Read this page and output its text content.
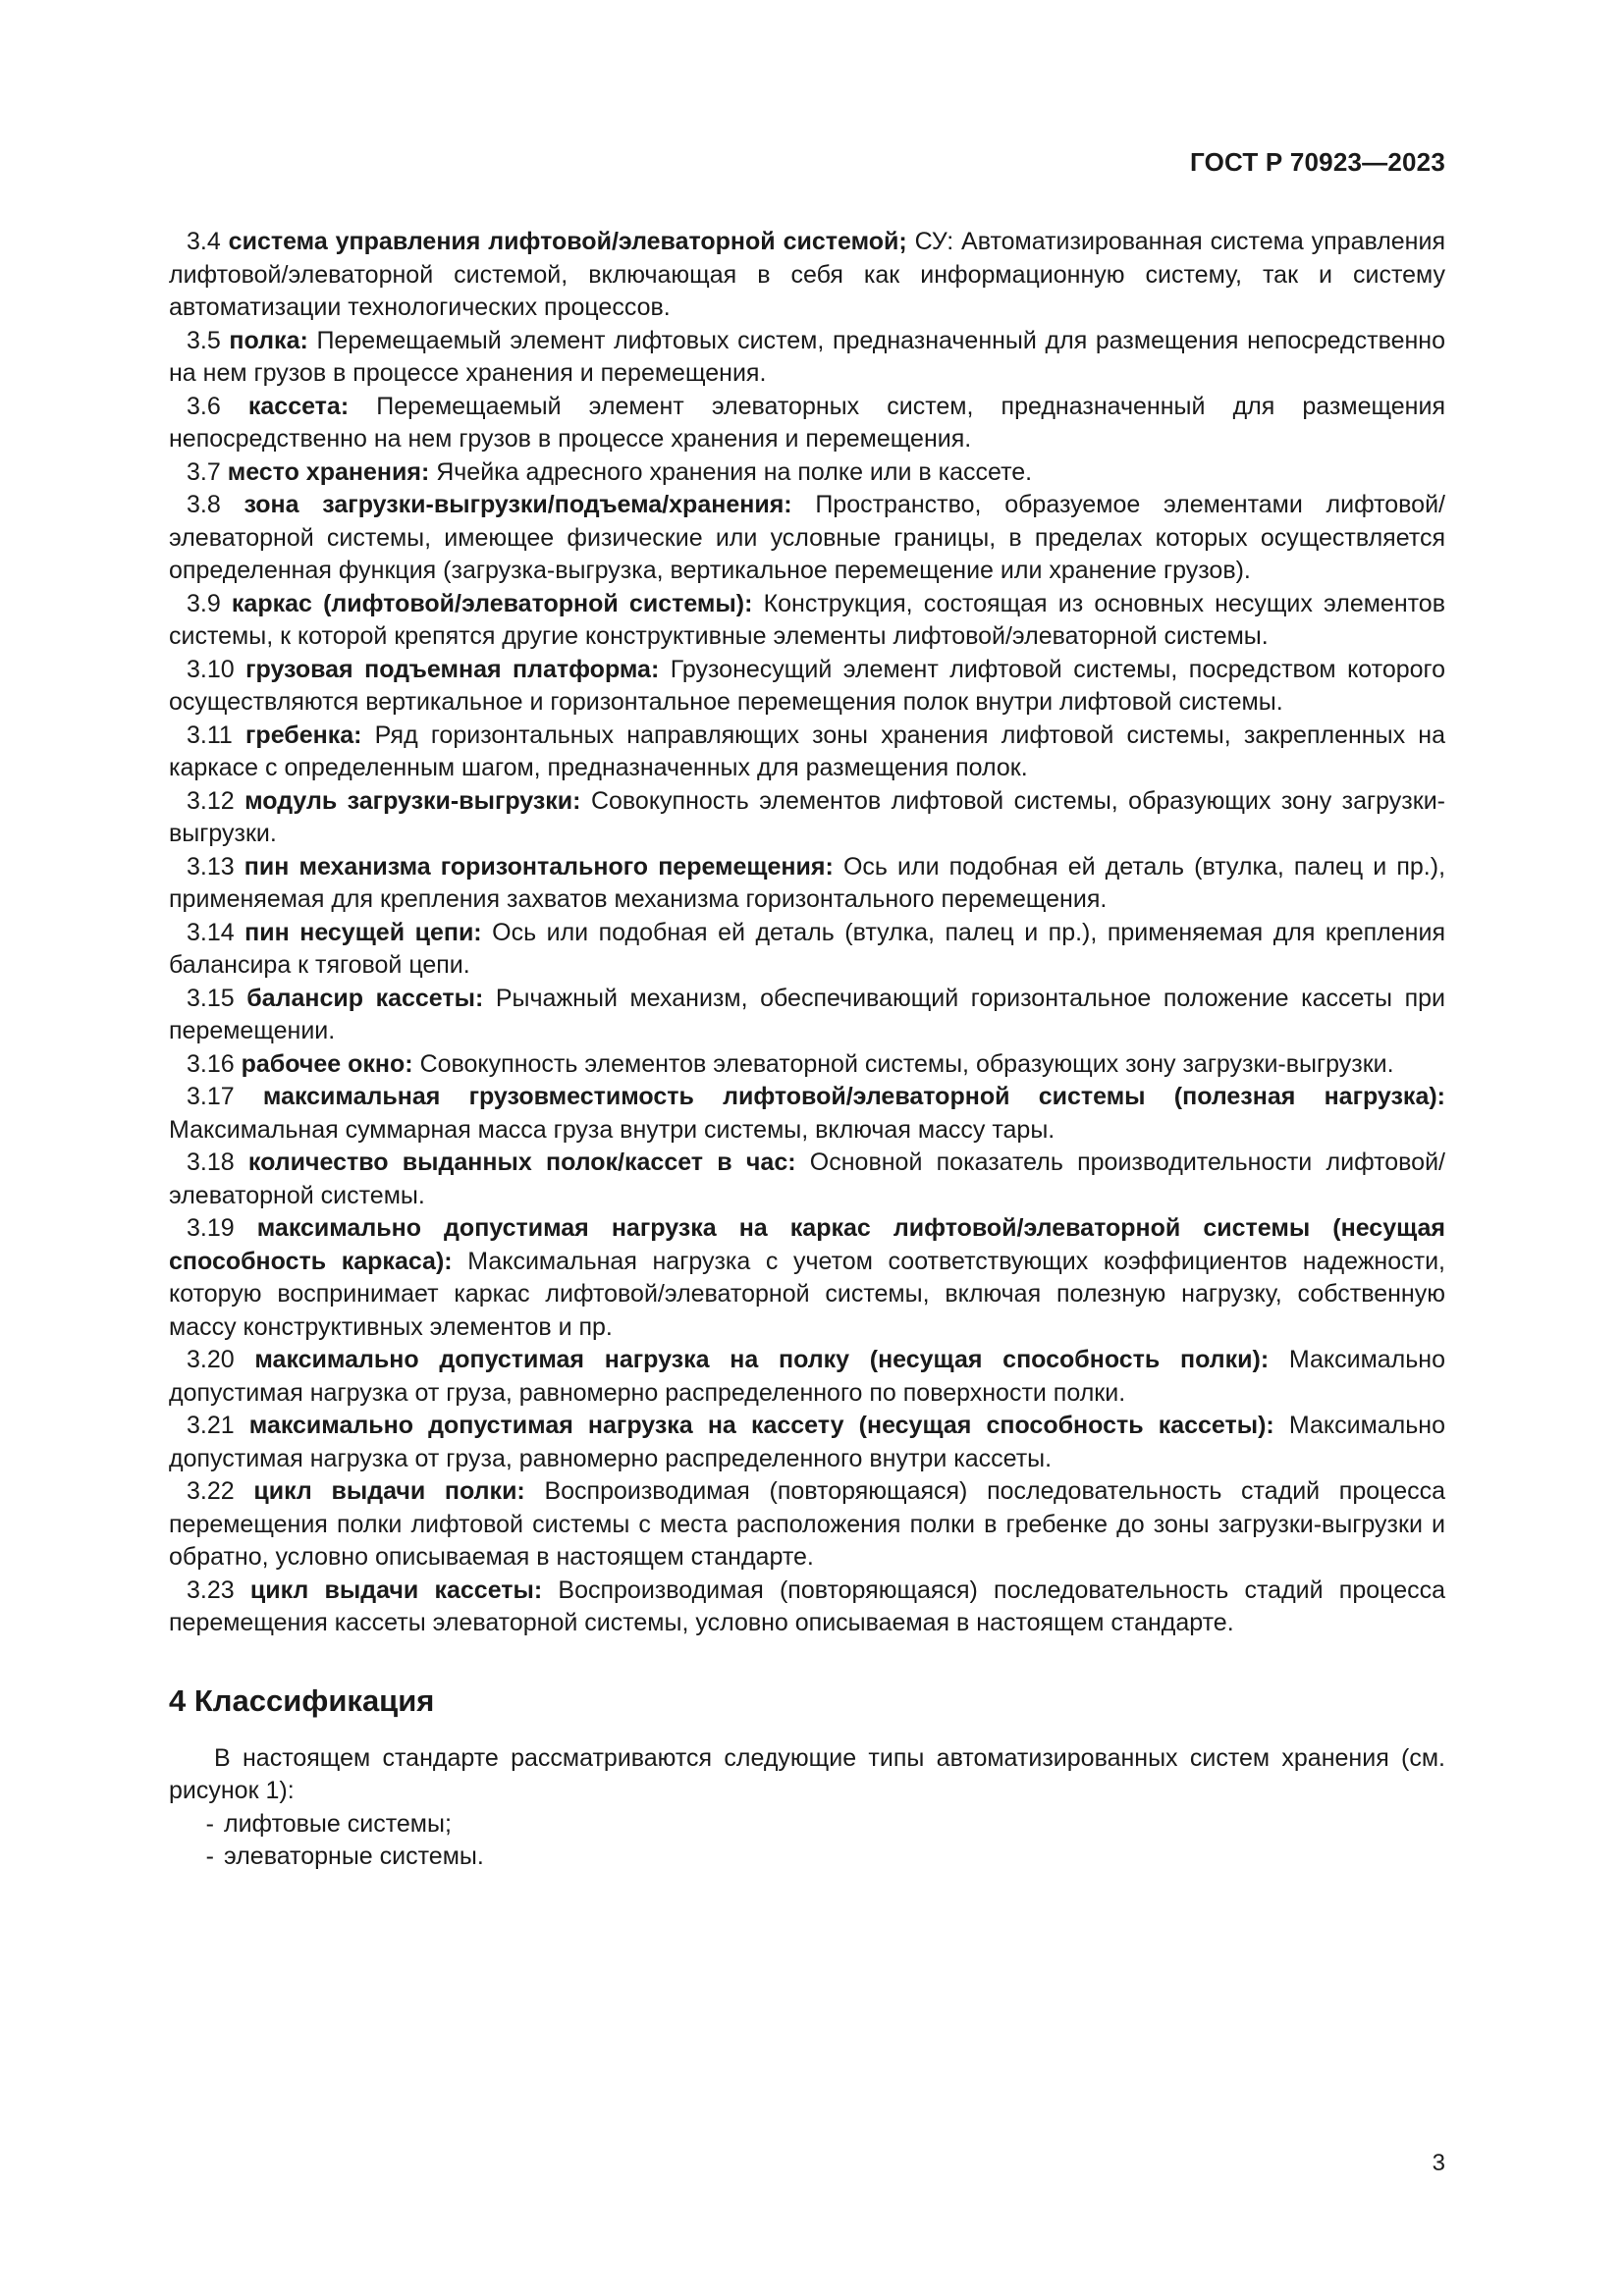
ГОСТ Р 70923—2023

3.4 система управления лифтовой/элеваторной системой; СУ: Автоматизированная система управления лифтовой/элеваторной системой, включающая в себя как информационную систему, так и систему автоматизации технологических процессов.

3.5 полка: Перемещаемый элемент лифтовых систем, предназначенный для размещения непосредственно на нем грузов в процессе хранения и перемещения.

3.6 кассета: Перемещаемый элемент элеваторных систем, предназначенный для размещения непосредственно на нем грузов в процессе хранения и перемещения.

3.7 место хранения: Ячейка адресного хранения на полке или в кассете.

3.8 зона загрузки-выгрузки/подъема/хранения: Пространство, образуемое элементами лифтовой/элеваторной системы, имеющее физические или условные границы, в пределах которых осуществляется определенная функция (загрузка-выгрузка, вертикальное перемещение или хранение грузов).

3.9 каркас (лифтовой/элеваторной системы): Конструкция, состоящая из основных несущих элементов системы, к которой крепятся другие конструктивные элементы лифтовой/элеваторной системы.

3.10 грузовая подъемная платформа: Грузонесущий элемент лифтовой системы, посредством которого осуществляются вертикальное и горизонтальное перемещения полок внутри лифтовой системы.

3.11 гребенка: Ряд горизонтальных направляющих зоны хранения лифтовой системы, закрепленных на каркасе с определенным шагом, предназначенных для размещения полок.

3.12 модуль загрузки-выгрузки: Совокупность элементов лифтовой системы, образующих зону загрузки-выгрузки.

3.13 пин механизма горизонтального перемещения: Ось или подобная ей деталь (втулка, палец и пр.), применяемая для крепления захватов механизма горизонтального перемещения.

3.14 пин несущей цепи: Ось или подобная ей деталь (втулка, палец и пр.), применяемая для крепления балансира к тяговой цепи.

3.15 балансир кассеты: Рычажный механизм, обеспечивающий горизонтальное положение кассеты при перемещении.

3.16 рабочее окно: Совокупность элементов элеваторной системы, образующих зону загрузки-выгрузки.

3.17 максимальная грузовместимость лифтовой/элеваторной системы (полезная нагрузка): Максимальная суммарная масса груза внутри системы, включая массу тары.

3.18 количество выданных полок/кассет в час: Основной показатель производительности лифтовой/элеваторной системы.

3.19 максимально допустимая нагрузка на каркас лифтовой/элеваторной системы (несущая способность каркаса): Максимальная нагрузка с учетом соответствующих коэффициентов надежности, которую воспринимает каркас лифтовой/элеваторной системы, включая полезную нагрузку, собственную массу конструктивных элементов и пр.

3.20 максимально допустимая нагрузка на полку (несущая способность полки): Максимально допустимая нагрузка от груза, равномерно распределенного по поверхности полки.

3.21 максимально допустимая нагрузка на кассету (несущая способность кассеты): Максимально допустимая нагрузка от груза, равномерно распределенного внутри кассеты.

3.22 цикл выдачи полки: Воспроизводимая (повторяющаяся) последовательность стадий процесса перемещения полки лифтовой системы с места расположения полки в гребенке до зоны загрузки-выгрузки и обратно, условно описываемая в настоящем стандарте.

3.23 цикл выдачи кассеты: Воспроизводимая (повторяющаяся) последовательность стадий процесса перемещения кассеты элеваторной системы, условно описываемая в настоящем стандарте.

4 Классификация

В настоящем стандарте рассматриваются следующие типы автоматизированных систем хранения (см. рисунок 1):

- лифтовые системы;

- элеваторные системы.

3
